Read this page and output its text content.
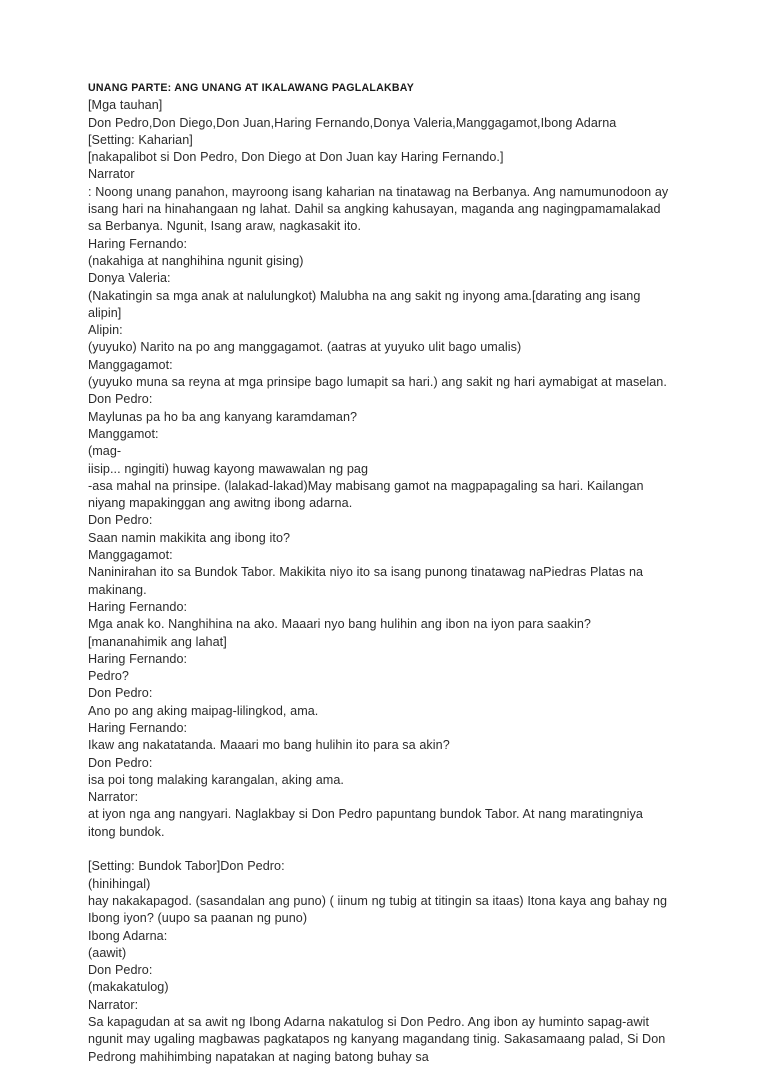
UNANG PARTE: ANG UNANG AT IKALAWANG PAGLALAKBAY

[Mga tauhan]

Don Pedro,Don Diego,Don Juan,Haring Fernando,Donya Valeria,Manggagamot,Ibong Adarna

[Setting: Kaharian]

[nakapalibot si Don Pedro, Don Diego at Don Juan kay Haring Fernando.]

Narrator

: Noong unang panahon, mayroong isang kaharian na tinatawag na Berbanya. Ang namumunodoon ay isang hari na hinahangaan ng lahat. Dahil sa angking kahusayan, maganda ang nagingpamamalakad sa Berbanya. Ngunit, Isang araw, nagkasakit ito.

Haring Fernando:

(nakahiga at nanghihina ngunit gising)

Donya Valeria:

(Nakatingin sa mga anak at nalulungkot) Malubha na ang sakit ng inyong ama.[darating ang isang alipin]

Alipin:

(yuyuko) Narito na po ang manggagamot. (aatras at yuyuko ulit bago umalis)

Manggagamot:

(yuyuko muna sa reyna at mga prinsipe bago lumapit sa hari.) ang sakit ng hari aymabigat at maselan.

Don Pedro:

Maylunas pa ho ba ang kanyang karamdaman?

Manggamot:

(mag-

iisip... ngingiti) huwag kayong mawawalan ng pag

-asa mahal na prinsipe. (lalakad-lakad)May mabisang gamot na magpapagaling sa hari. Kailangan niyang mapakinggan ang awitng ibong adarna.

Don Pedro:

Saan namin makikita ang ibong ito?

Manggagamot:

Naninirahan ito sa Bundok Tabor. Makikita niyo ito sa isang punong tinatawag naPiedras Platas na makinang.

Haring Fernando:

Mga anak ko. Nanghihina na ako. Maaari nyo bang hulihin ang ibon na iyon para saakin?[mananahimik ang lahat]

Haring Fernando:

Pedro?

Don Pedro:

Ano po ang aking maipag-lilingkod, ama.

Haring Fernando:

Ikaw ang nakatatanda. Maaari mo bang hulihin ito para sa akin?

Don Pedro:

isa poi tong malaking karangalan, aking ama.

Narrator:

at iyon nga ang nangyari. Naglakbay si Don Pedro papuntang bundok Tabor. At nang maratingniya itong bundok.

[Setting: Bundok Tabor]Don Pedro:

(hinihingal)

hay nakakapagod. (sasandalan ang puno) ( iinum ng tubig at titingin sa itaas) Itona kaya ang bahay ng Ibong iyon? (uupo sa paanan ng puno)

Ibong Adarna:

(aawit)

Don Pedro:

(makakatulog)

Narrator:

Sa kapagudan at sa awit ng Ibong Adarna nakatulog si Don Pedro. Ang ibon ay huminto sapag-awit ngunit may ugaling magbawas pagkatapos ng kanyang magandang tinig. Sakasamaang palad, Si Don Pedrong mahihimbing napatakan at naging batong buhay sa
